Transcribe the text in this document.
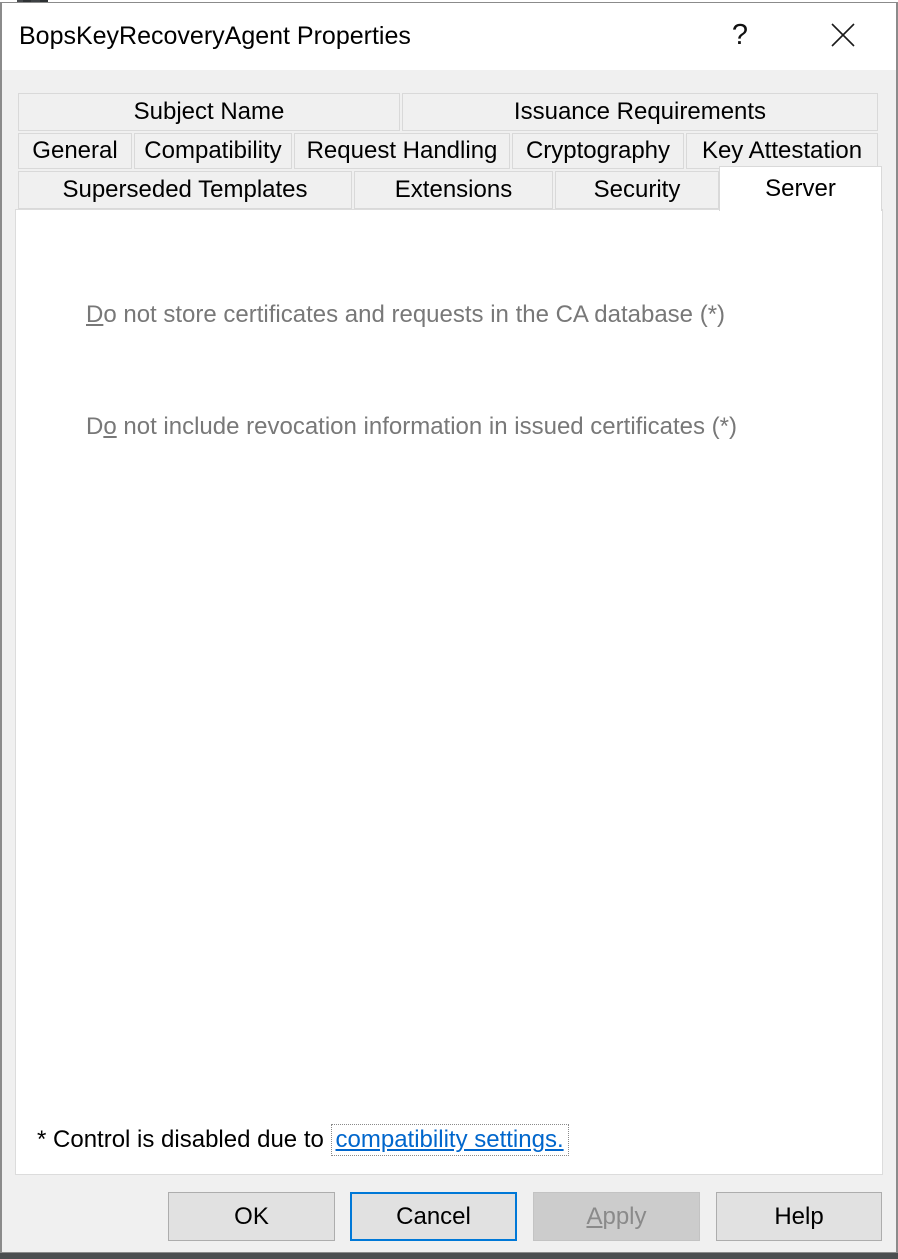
BopsKeyRecoveryAgent Properties	?
Subject Name	Issuance Requirements
General	Compatibility	Request Handling	Cryptography	Key Attestation
Superseded Templates	Extensions	Security	Server
Do not store certificates and requests in the CA database (*)
Do not include revocation information in issued certificates (*)
* Control is disabled due to compatibility settings.
OK	Cancel	Apply	Help
